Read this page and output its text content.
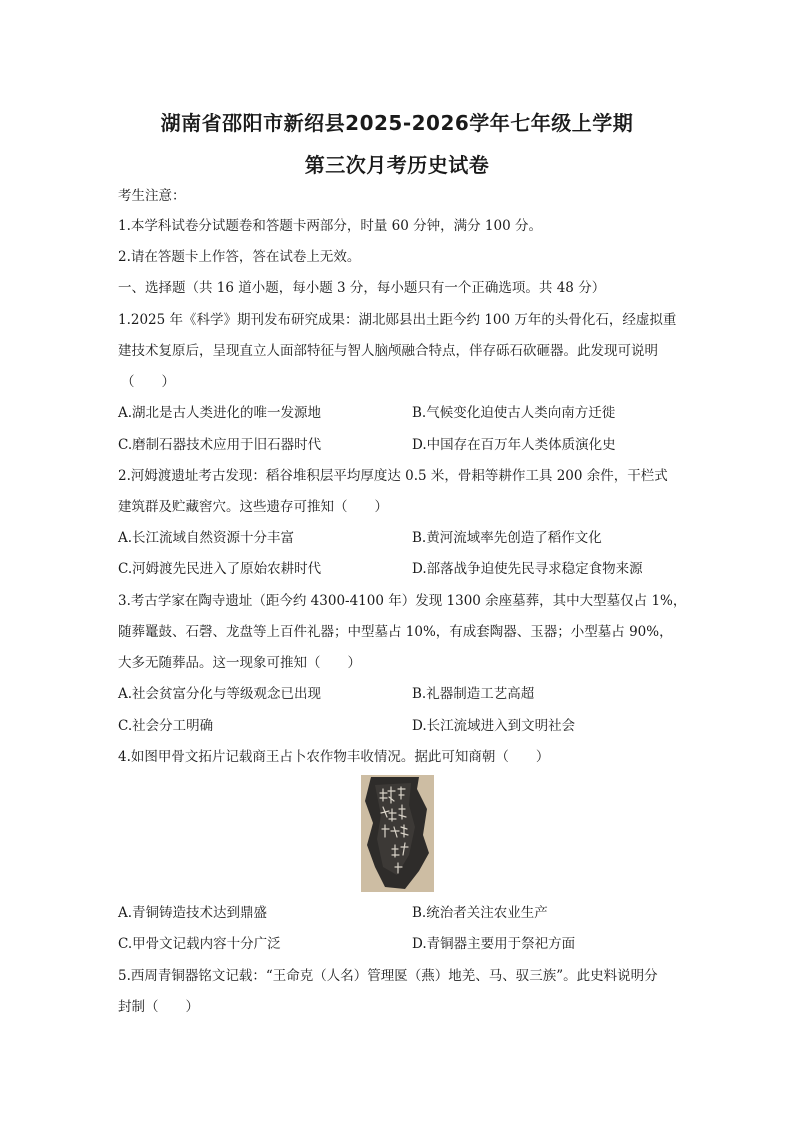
湖南省邵阳市新绍县2025-2026学年七年级上学期
第三次月考历史试卷
考生注意：
1.本学科试卷分试题卷和答题卡两部分，时量 60 分钟，满分 100 分。
2.请在答题卡上作答，答在试卷上无效。
一、选择题（共 16 道小题，每小题 3 分，每小题只有一个正确选项。共 48 分）
1.2025 年《科学》期刊发布研究成果：湖北郧县出土距今约 100 万年的头骨化石，经虚拟重
建技术复原后，呈现直立人面部特征与智人脑颅融合特点，伴存砾石砍砸器。此发现可说明
（　　）
A.湖北是古人类进化的唯一发源地	B.气候变化迫使古人类向南方迁徙
C.磨制石器技术应用于旧石器时代	D.中国存在百万年人类体质演化史
2.河姆渡遗址考古发现：稻谷堆积层平均厚度达 0.5 米，骨耜等耕作工具 200 余件，干栏式
建筑群及贮藏窖穴。这些遗存可推知（　　）
A.长江流域自然资源十分丰富	B.黄河流域率先创造了稻作文化
C.河姆渡先民进入了原始农耕时代	D.部落战争迫使先民寻求稳定食物来源
3.考古学家在陶寺遗址（距今约 4300-4100 年）发现 1300 余座墓葬，其中大型墓仅占 1%，
随葬鼍鼓、石磬、龙盘等上百件礼器；中型墓占 10%，有成套陶器、玉器；小型墓占 90%，
大多无随葬品。这一现象可推知（　　）
A.社会贫富分化与等级观念已出现	B.礼器制造工艺高超
C.社会分工明确	D.长江流域进入到文明社会
4.如图甲骨文拓片记载商王占卜农作物丰收情况。据此可知商朝（　　）
A.青铜铸造技术达到鼎盛	B.统治者关注农业生产
C.甲骨文记载内容十分广泛	D.青铜器主要用于祭祀方面
5.西周青铜器铭文记载：“王命克（人名）管理匽（燕）地羌、马、驭三族”。此史料说明分
封制（　　）
